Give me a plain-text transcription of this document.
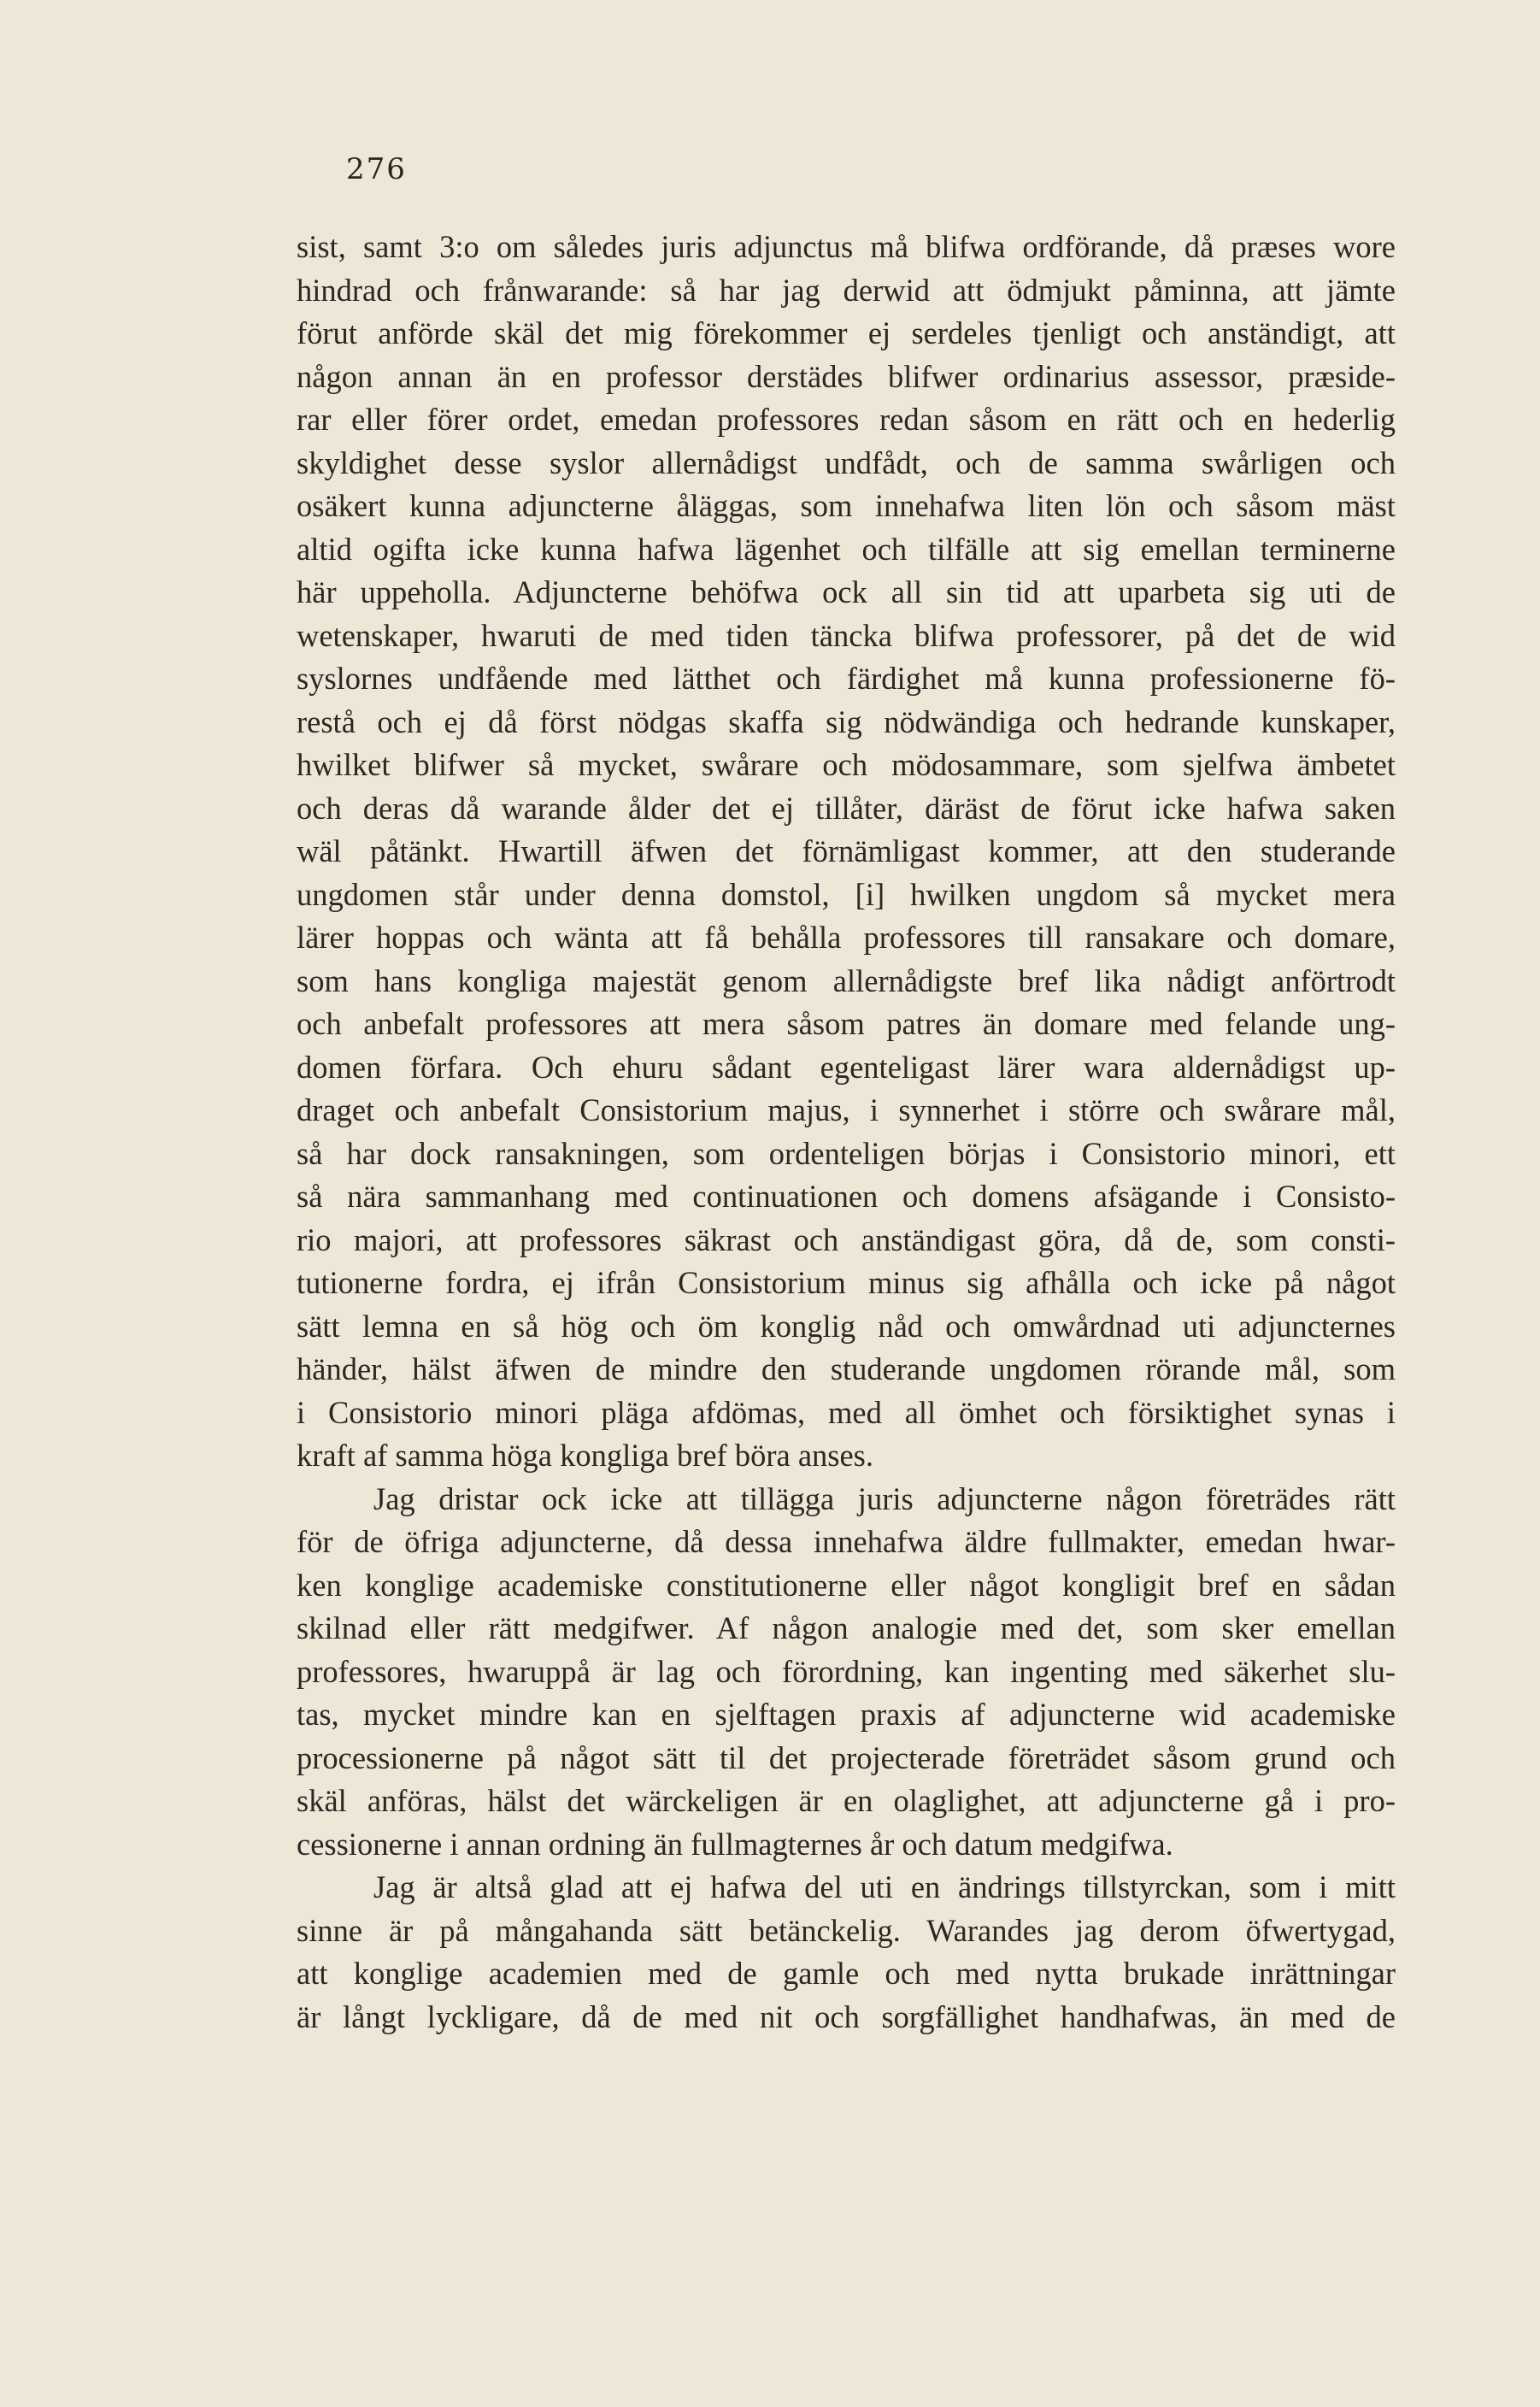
276
sist, samt 3:o om således juris adjunctus må blifwa ordförande, då præses wore
hindrad och frånwarande: så har jag derwid att ödmjukt påminna, att jämte
förut anförde skäl det mig förekommer ej serdeles tjenligt och anständigt, att
någon annan än en professor derstädes blifwer ordinarius assessor, præside-
rar eller förer ordet, emedan professores redan såsom en rätt och en hederlig
skyldighet desse syslor allernådigst undfådt, och de samma swårligen och
osäkert kunna adjuncterne åläggas, som innehafwa liten lön och såsom mäst
altid ogifta icke kunna hafwa lägenhet och tilfälle att sig emellan terminerne
här uppeholla. Adjuncterne behöfwa ock all sin tid att uparbeta sig uti de
wetenskaper, hwaruti de med tiden täncka blifwa professorer, på det de wid
syslornes undfående med lätthet och färdighet må kunna professionerne fö-
restå och ej då först nödgas skaffa sig nödwändiga och hedrande kunskaper,
hwilket blifwer så mycket, swårare och mödosammare, som sjelfwa ämbetet
och deras då warande ålder det ej tillåter, däräst de förut icke hafwa saken
wäl påtänkt. Hwartill äfwen det förnämligast kommer, att den studerande
ungdomen står under denna domstol, [i] hwilken ungdom så mycket mera
lärer hoppas och wänta att få behålla professores till ransakare och domare,
som hans kongliga majestät genom allernådigste bref lika nådigt anförtrodt
och anbefalt professores att mera såsom patres än domare med felande ung-
domen förfara. Och ehuru sådant egenteligast lärer wara aldernådigst up-
draget och anbefalt Consistorium majus, i synnerhet i större och swårare mål,
så har dock ransakningen, som ordenteligen börjas i Consistorio minori, ett
så nära sammanhang med continuationen och domens afsägande i Consisto-
rio majori, att professores säkrast och anständigast göra, då de, som consti-
tutionerne fordra, ej ifrån Consistorium minus sig afhålla och icke på något
sätt lemna en så hög och öm konglig nåd och omwårdnad uti adjuncternes
händer, hälst äfwen de mindre den studerande ungdomen rörande mål, som
i Consistorio minori pläga afdömas, med all ömhet och försiktighet synas i
kraft af samma höga kongliga bref böra anses.
Jag dristar ock icke att tillägga juris adjuncterne någon företrädes rätt
för de öfriga adjuncterne, då dessa innehafwa äldre fullmakter, emedan hwar-
ken konglige academiske constitutionerne eller något kongligit bref en sådan
skilnad eller rätt medgifwer. Af någon analogie med det, som sker emellan
professores, hwaruppå är lag och förordning, kan ingenting med säkerhet slu-
tas, mycket mindre kan en sjelftagen praxis af adjuncterne wid academiske
processionerne på något sätt til det projecterade företrädet såsom grund och
skäl anföras, hälst det wärckeligen är en olaglighet, att adjuncterne gå i pro-
cessionerne i annan ordning än fullmagternes år och datum medgifwa.
Jag är altså glad att ej hafwa del uti en ändrings tillstyrckan, som i mitt
sinne är på mångahanda sätt betänckelig. Warandes jag derom öfwertygad,
att konglige academien med de gamle och med nytta brukade inrättningar
är långt lyckligare, då de med nit och sorgfällighet handhafwas, än med de
